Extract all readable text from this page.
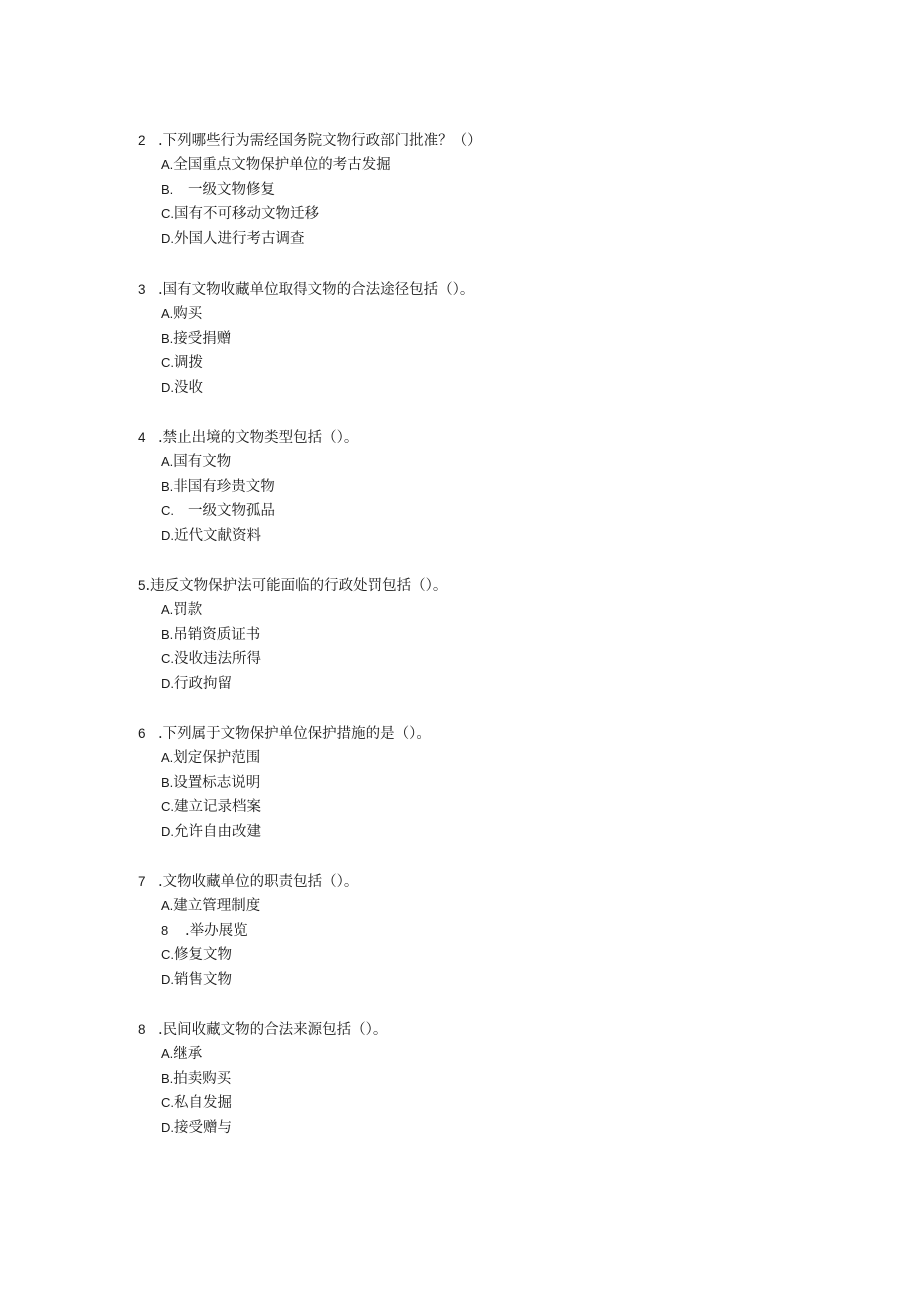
2 .下列哪些行为需经国务院文物行政部门批准？（）
A.全国重点文物保护单位的考古发掘
B. 一级文物修复
C.国有不可移动文物迁移
D.外国人进行考古调查
3 .国有文物收藏单位取得文物的合法途径包括（）。
A.购买
B.接受捐赠
C.调拨
D.没收
4 .禁止出境的文物类型包括（）。
A.国有文物
B.非国有珍贵文物
C. 一级文物孤品
D.近代文献资料
5.违反文物保护法可能面临的行政处罚包括（）。
A.罚款
B.吊销资质证书
C.没收违法所得
D.行政拘留
6 .下列属于文物保护单位保护措施的是（）。
A.划定保护范围
B.设置标志说明
C.建立记录档案
D.允许自由改建
7 .文物收藏单位的职责包括（）。
A.建立管理制度
8 .举办展览
C.修复文物
D.销售文物
8 .民间收藏文物的合法来源包括（）。
A.继承
B.拍卖购买
C.私自发掘
D.接受赠与
